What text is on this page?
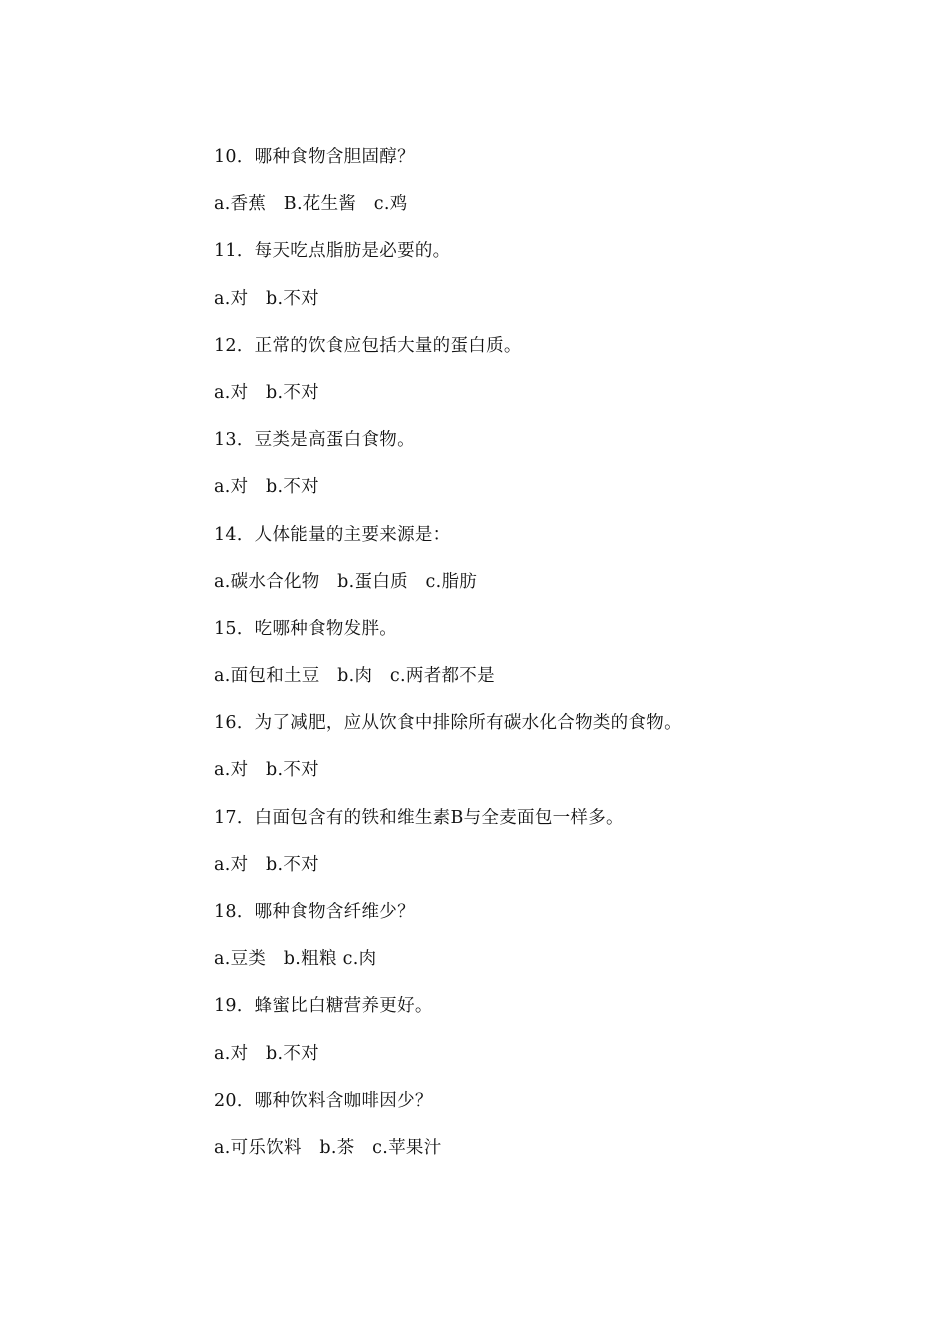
10．哪种食物含胆固醇？
a.香蕉   B.花生酱   c.鸡
11．每天吃点脂肪是必要的。
a.对   b.不对
12．正常的饮食应包括大量的蛋白质。
a.对   b.不对
13．豆类是高蛋白食物。
a.对   b.不对
14．人体能量的主要来源是：
a.碳水合化物   b.蛋白质   c.脂肪
15．吃哪种食物发胖。
a.面包和土豆   b.肉   c.两者都不是
16．为了减肥，应从饮食中排除所有碳水化合物类的食物。
a.对   b.不对
17．白面包含有的铁和维生素B与全麦面包一样多。
a.对   b.不对
18．哪种食物含纤维少？
a.豆类   b.粗粮 c.肉
19．蜂蜜比白糖营养更好。
a.对   b.不对
20．哪种饮料含咖啡因少？
a.可乐饮料   b.茶   c.苹果汁
